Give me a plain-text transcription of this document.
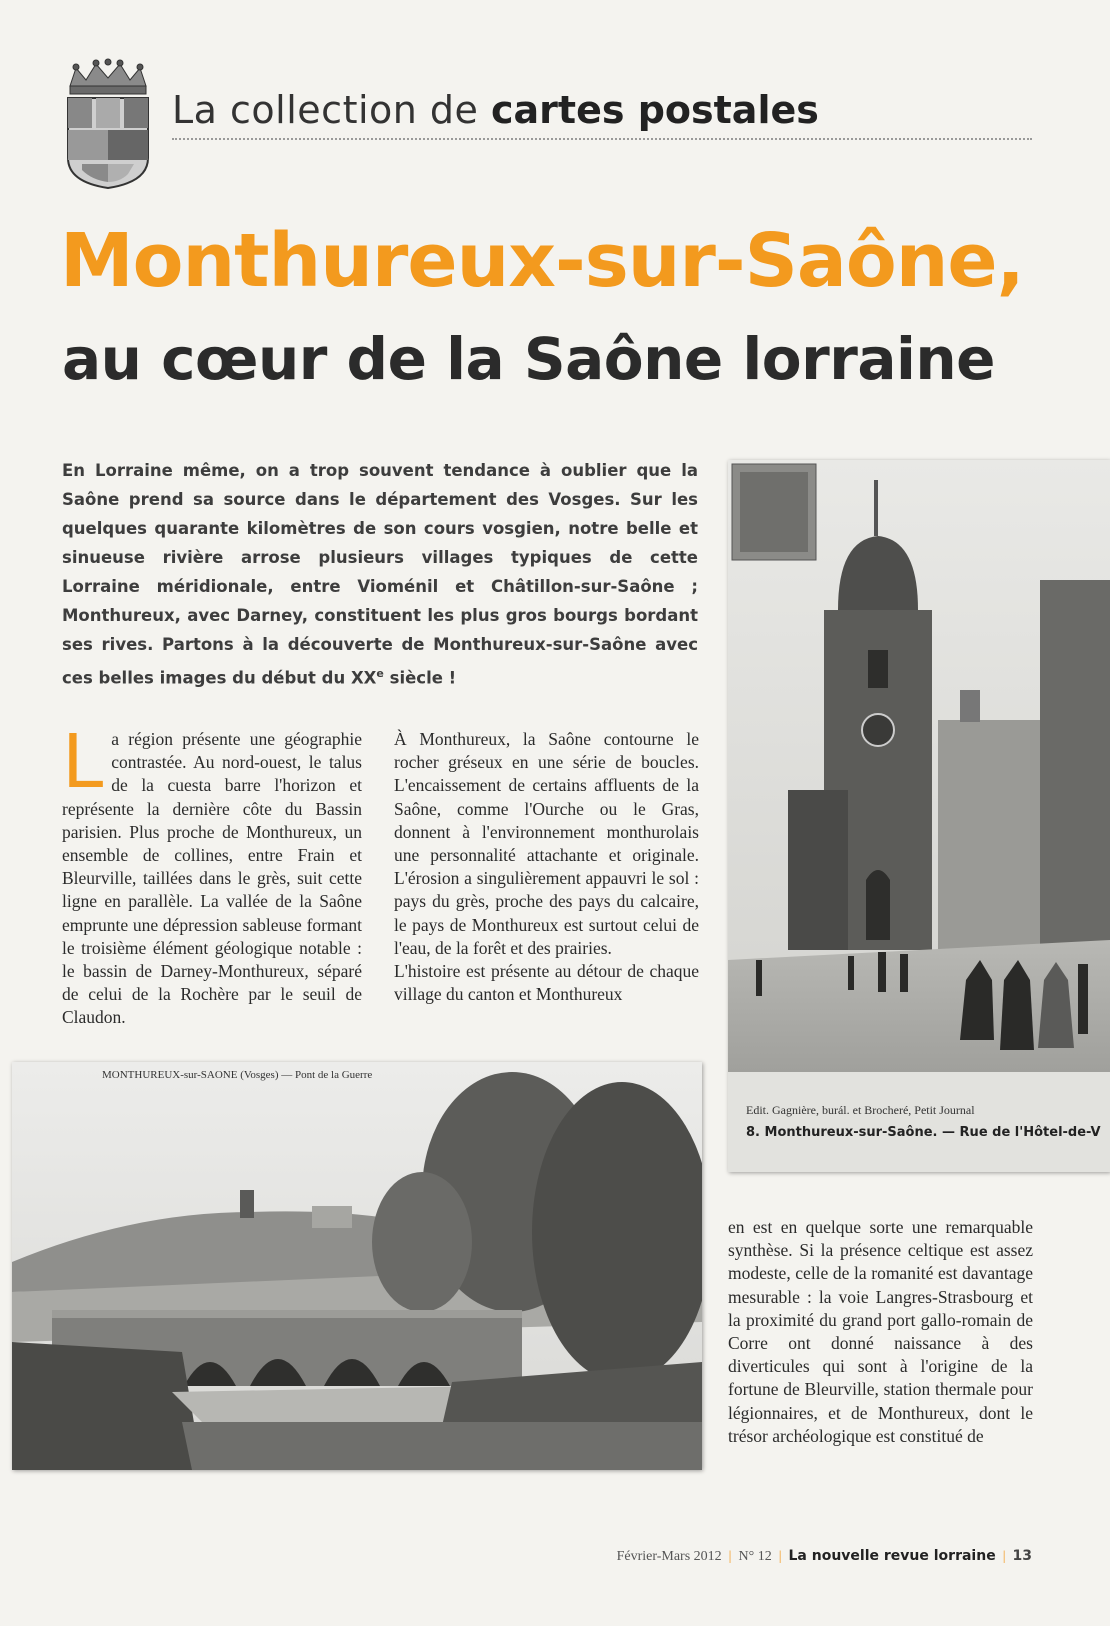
La collection de cartes postales
Monthureux-sur-Saône,
au cœur de la Saône lorraine

En Lorraine même, on a trop souvent tendance à oublier que la Saône prend sa source dans le département des Vosges. Sur les quelques quarante kilomètres de son cours vosgien, notre belle et sinueuse rivière arrose plusieurs villages typiques de cette Lorraine méridionale, entre Vioménil et Châtillon-sur-Saône ; Monthureux, avec Darney, constituent les plus gros bourgs bordant ses rives. Partons à la découverte de Monthureux-sur-Saône avec ces belles images du début du XXe siècle !

La région présente une géographie contrastée. Au nord-ouest, le talus de la cuesta barre l'horizon et représente la dernière côte du Bassin parisien. Plus proche de Monthureux, un ensemble de collines, entre Frain et Bleurville, taillées dans le grès, suit cette ligne en parallèle. La vallée de la Saône emprunte une dépression sableuse formant le troisième élément géologique notable : le bassin de Darney-Monthureux, séparé de celui de la Rochère par le seuil de Claudon.
À Monthureux, la Saône contourne le rocher gréseux en une série de boucles. L'encaissement de certains affluents de la Saône, comme l'Ourche ou le Gras, donnent à l'environnement monthurolais une personnalité attachante et originale. L'érosion a singulièrement appauvri le sol : pays du grès, proche des pays du calcaire, le pays de Monthureux est surtout celui de l'eau, de la forêt et des prairies.
L'histoire est présente au détour de chaque village du canton et Monthureux
en est en quelque sorte une remarquable synthèse. Si la présence celtique est assez modeste, celle de la romanité est davantage mesurable : la voie Langres-Strasbourg et la proximité du grand port gallo-romain de Corre ont donné naissance à des diverticules qui sont à l'origine de la fortune de Bleurville, station thermale pour légionnaires, et de Monthureux, dont le trésor archéologique est constitué de
Edit. Gagnière, burál. et Brocheré, Petit Journal
8. Monthureux-sur-Saône. — Rue de l'Hôtel-de-V
MONTHUREUX-sur-SAONE (Vosges) — Pont de la Guerre
Février-Mars 2012 | N° 12 | La nouvelle revue lorraine | 13
